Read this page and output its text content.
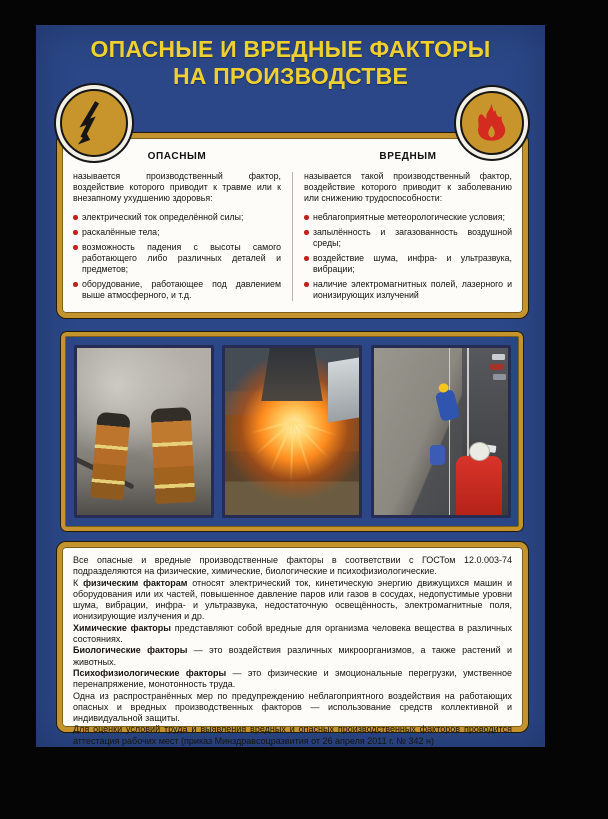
ОПАСНЫЕ И ВРЕДНЫЕ ФАКТОРЫ
НА ПРОИЗВОДСТВЕ
ОПАСНЫМ

называется производственный фактор, воздействие которого приводит к травме или к внезапному ухудшению здоровья:

электрический ток определённой силы;
раскалённые тела;
возможность падения с высоты самого работающего либо различных деталей и предметов;
оборудование, работающее под давлением выше атмосферного, и т.д.
ВРЕДНЫМ

называется такой производственный фактор, воздействие которого приводит к заболеванию или снижению трудоспособности:

неблагоприятные метеорологические условия;
запылённость и загазованность воздушной среды;
воздействие шума, инфра- и ультразвука, вибрации;
наличие электромагнитных полей, лазерного и ионизирующих излучений

Все опасные и вредные производственные факторы в соответствии с ГОСТом 12.0.003-74 подразделяются на физические, химические, биологические и психофизиологические.

К физическим факторам относят электрический ток, кинетическую энергию движущихся машин и оборудования или их частей, повышенное давление паров или газов в сосудах, недопустимые уровни шума, вибрации, инфра- и ультразвука, недостаточную освещённость, электромагнитные поля, ионизирующие излучения и др.

Химические факторы представляют собой вредные для организма человека вещества в различных состояниях.

Биологические факторы — это воздействия различных микроорганизмов, а также растений и животных.

Психофизиологические факторы — это физические и эмоциональные перегрузки, умственное перенапряжение, монотонность труда.

Одна из распространённых мер по предупреждению неблагоприятного воздействия на работающих опасных и вредных производственных факторов — использование средств коллективной и индивидуальной защиты.

Для оценки условий труда и выявления вредных и опасных производственных факторов проводится аттестация рабочих мест (приказ Минздравсоцразвития от 26 апреля 2011 г. № 342 н)
